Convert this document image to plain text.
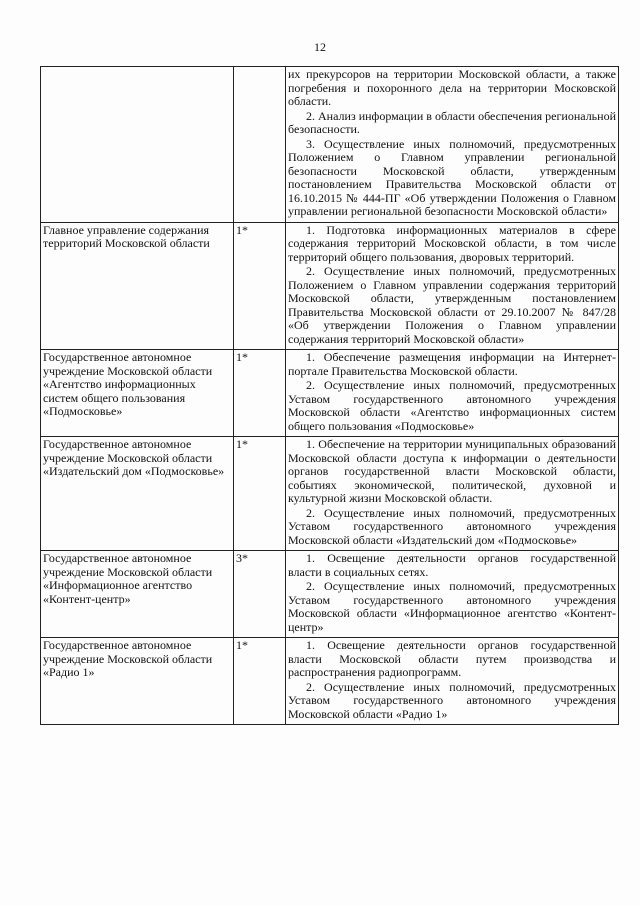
12

		их прекурсоров на территории Московской области, а также погребения и похоронного дела на территории Московской области.

2. Анализ информации в области обеспечения региональной безопасности.

3. Осуществление иных полномочий, предусмотренных Положением о Главном управлении региональной безопасности Московской области, утвержденным постановлением Правительства Московской области от 16.10.2015 № 444-ПГ «Об утверждении Положения о Главном управлении региональной безопасности Московской области»

Главное управление содержания территорий Московской области	1*	1. Подготовка информационных материалов в сфере содержания территорий Московской области, в том числе территорий общего пользования, дворовых территорий.

2. Осуществление иных полномочий, предусмотренных Положением о Главном управлении содержания территорий Московской области, утвержденным постановлением Правительства Московской области от 29.10.2007 № 847/28 «Об утверждении Положения о Главном управлении содержания территорий Московской области»

Государственное автономное учреждение Московской области «Агентство информационных систем общего пользования «Подмосковье»	1*	1. Обеспечение размещения информации на Интернет-портале Правительства Московской области.

2. Осуществление иных полномочий, предусмотренных Уставом государственного автономного учреждения Московской области «Агентство информационных систем общего пользования «Подмосковье»

Государственное автономное учреждение Московской области «Издательский дом «Подмосковье»	1*	1. Обеспечение на территории муниципальных образований Московской области доступа к информации о деятельности органов государственной власти Московской области, событиях экономической, политической, духовной и культурной жизни Московской области.

2. Осуществление иных полномочий, предусмотренных Уставом государственного автономного учреждения Московской области «Издательский дом «Подмосковье»

Государственное автономное учреждение Московской области «Информационное агентство «Контент-центр»	3*	1. Освещение деятельности органов государственной власти в социальных сетях.

2. Осуществление иных полномочий, предусмотренных Уставом государственного автономного учреждения Московской области «Информационное агентство «Контент-центр»

Государственное автономное учреждение Московской области «Радио 1»	1*	1. Освещение деятельности органов государственной власти Московской области путем производства и распространения радиопрограмм.

2. Осуществление иных полномочий, предусмотренных Уставом государственного автономного учреждения Московской области «Радио 1»
